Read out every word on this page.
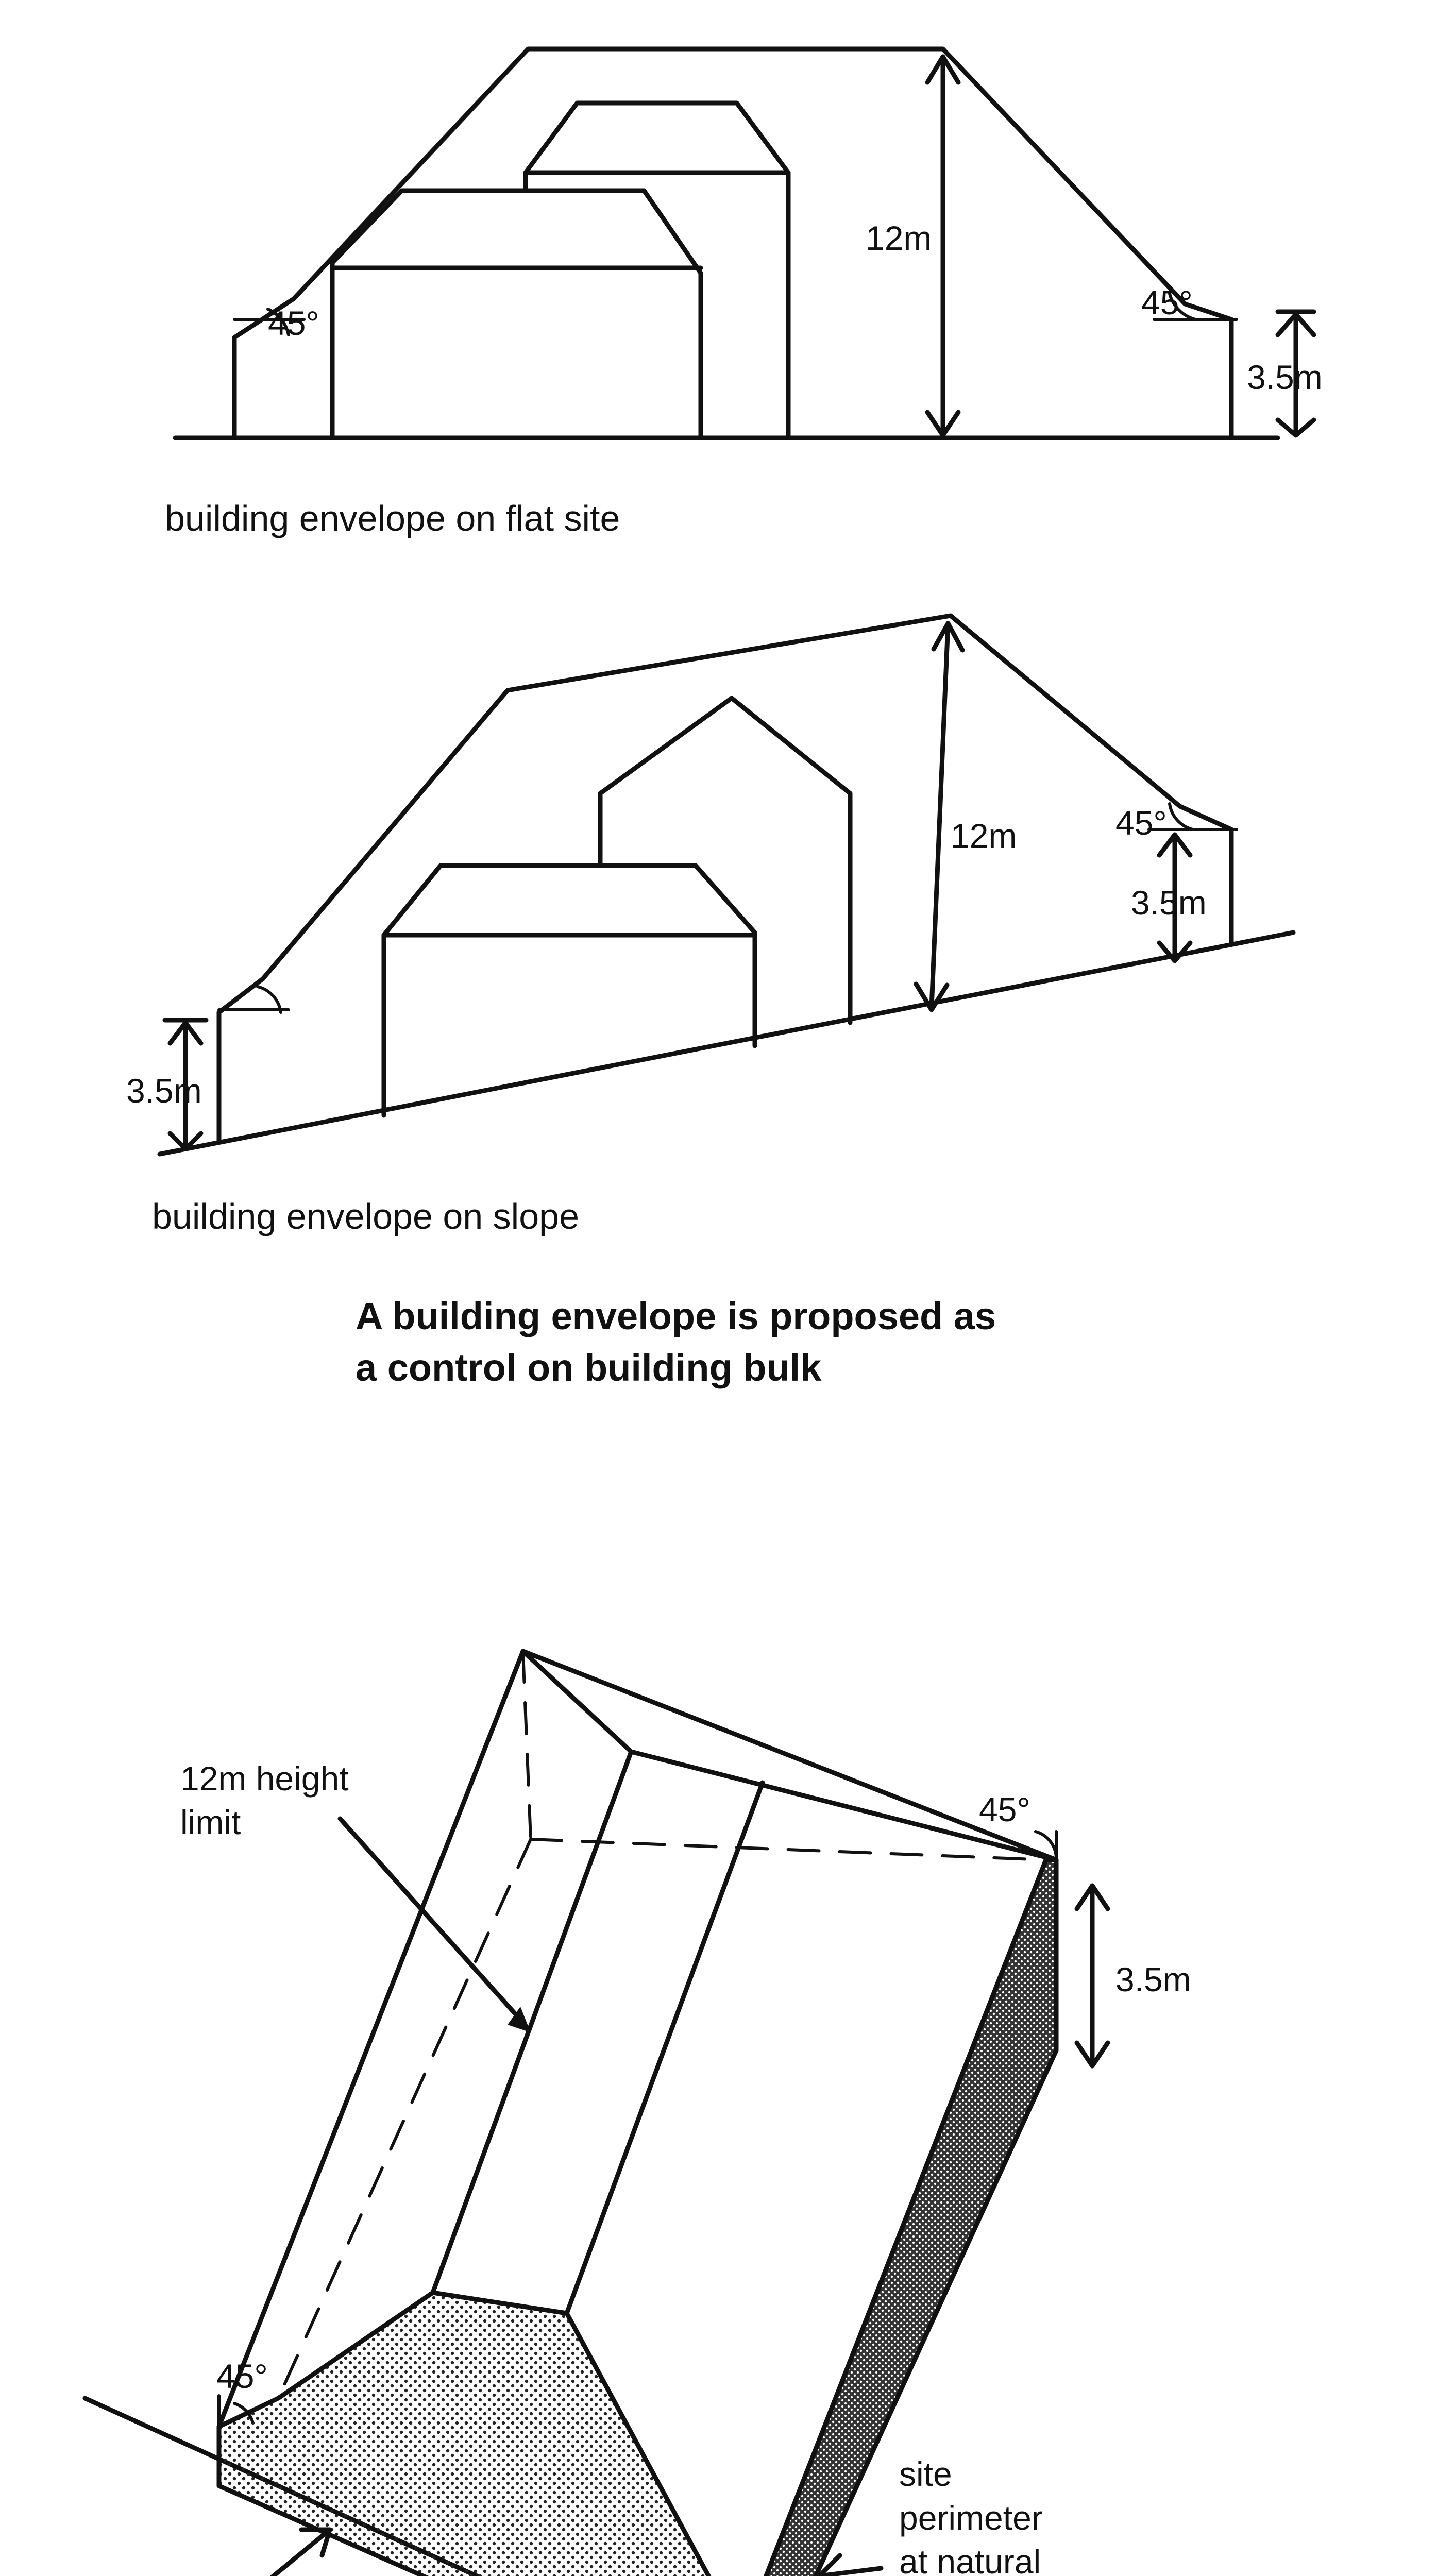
12m
45°
45°
3.5m
building envelope on flat site
12m	45°
3.5m
3.5m
building envelope on slope
A building envelope is proposed as
a control on building bulk
12m height
limit	45°
45°
3.5m
site
perimeter
at natural
